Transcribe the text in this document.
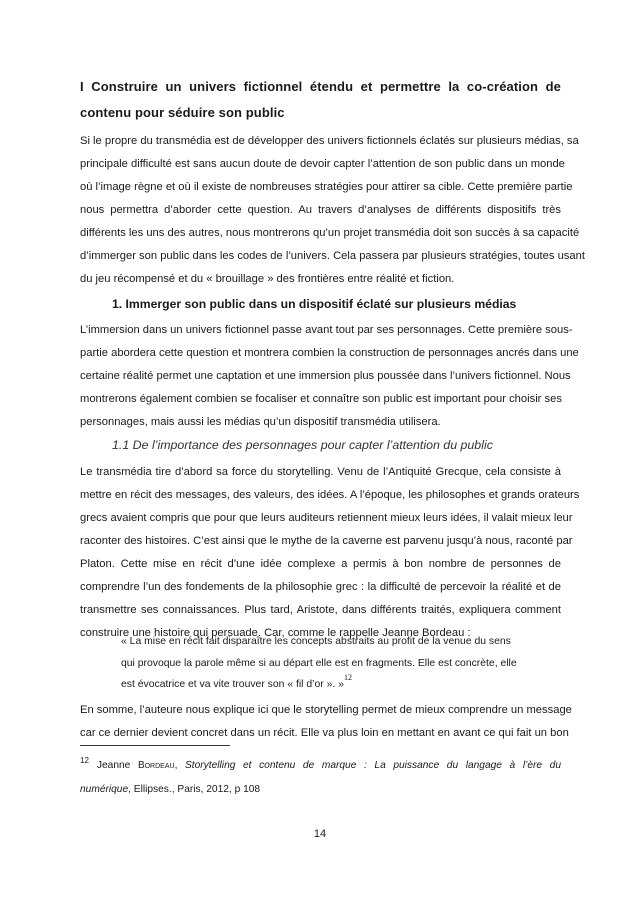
I Construire un univers fictionnel étendu et permettre la co-création de
contenu pour séduire son public
Si le propre du transmédia est de développer des univers fictionnels éclatés sur plusieurs médias, sa
principale difficulté est sans aucun doute de devoir capter l’attention de son public dans un monde
où l’image règne et où il existe de nombreuses stratégies pour attirer sa cible. Cette première partie
nous permettra d’aborder cette question. Au travers d’analyses de différents dispositifs très
différents les uns des autres, nous montrerons qu’un projet transmédia doit son succès à sa capacité
d’immerger son public dans les codes de l’univers. Cela passera par plusieurs stratégies, toutes usant
du jeu récompensé et du « brouillage » des frontières entre réalité et fiction.
1. Immerger son public dans un dispositif éclaté sur plusieurs médias
L’immersion dans un univers fictionnel passe avant tout par ses personnages. Cette première sous-
partie abordera cette question et montrera combien la construction de personnages ancrés dans une
certaine réalité permet une captation et une immersion plus poussée dans l’univers fictionnel. Nous
montrerons également combien se focaliser et connaître son public est important pour choisir ses
personnages, mais aussi les médias qu’un dispositif transmédia utilisera.
1.1 De l’importance des personnages pour capter l’attention du public
Le transmédia tire d’abord sa force du storytelling. Venu de l’Antiquité Grecque, cela consiste à
mettre en récit des messages, des valeurs, des idées. A l’époque, les philosophes et grands orateurs
grecs avaient compris que pour que leurs auditeurs retiennent mieux leurs idées, il valait mieux leur
raconter des histoires. C’est ainsi que le mythe de la caverne est parvenu jusqu’à nous, raconté par
Platon. Cette mise en récit d’une idée complexe a permis à bon nombre de personnes de
comprendre l’un des fondements de la philosophie grec : la difficulté de percevoir la réalité et de
transmettre ses connaissances. Plus tard, Aristote, dans différents traités, expliquera comment
construire une histoire qui persuade. Car, comme le rappelle Jeanne Bordeau :
« La mise en récit fait disparaître les concepts abstraits au profit de la venue du sens
qui provoque la parole même si au départ elle est en fragments. Elle est concrète, elle
est évocatrice et va vite trouver son « fil d’or ». »$^{12}$
En somme, l’auteure nous explique ici que le storytelling permet de mieux comprendre un message
car ce dernier devient concret dans un récit. Elle va plus loin en mettant en avant ce qui fait un bon
$^{12}$ Jeanne Bordeau, Storytelling et contenu de marque : La puissance du langage à l’ère du
numérique, Ellipses., Paris, 2012, p 108
14
